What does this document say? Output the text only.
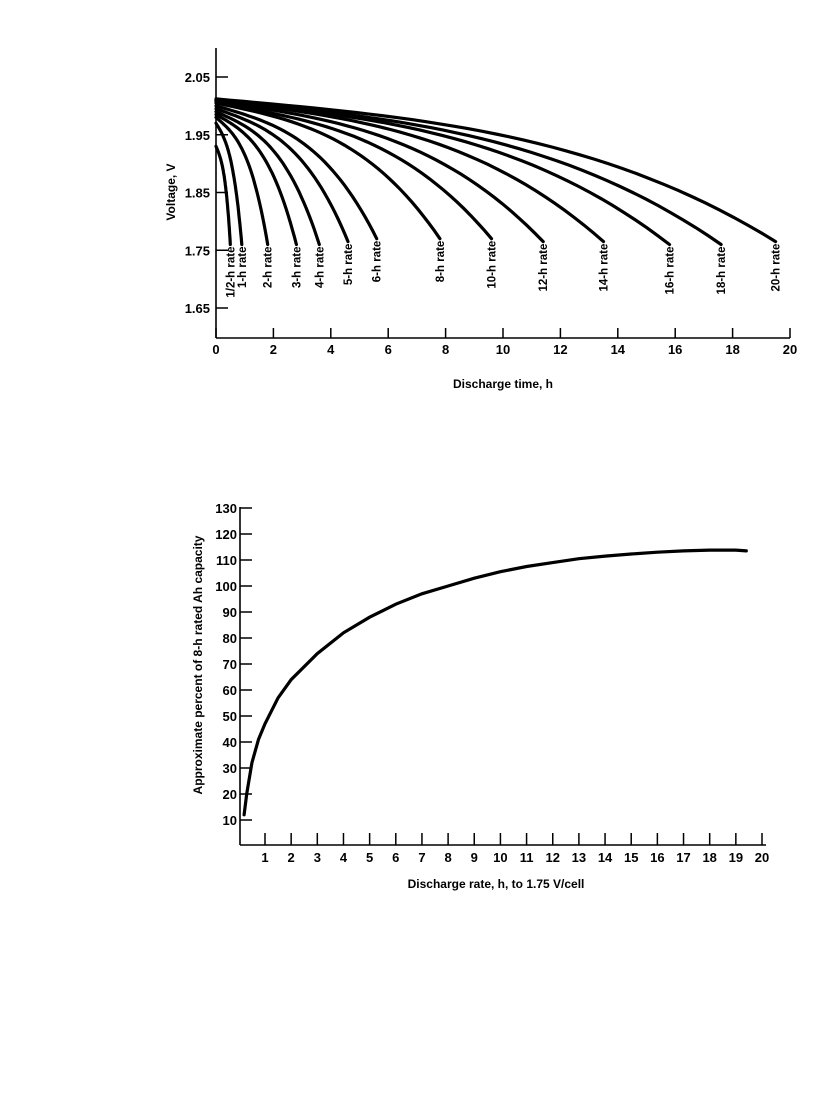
1.65
1.75
1.85
1.95
2.05
0	2	4	6	8	10	12	14	16	18	20
1/2-h rate 1-h rate 2-h rate 3-h rate 4-h rate 5-h rate 6-h rate	8-h rate	10-h rate	12-h rate	14-h rate	16-h rate	18-h rate	20-h rate
Discharge time, h
Voltage, V
10
20
30
40
50
60
70
80
90
100
110
120
130
1 2 3 4 5 6 7 8 9 10 11 12 13 14 15 16 17 18 19 20
Discharge rate, h, to 1.75 V/cell
Approximate percent of 8-h rated Ah capacity
